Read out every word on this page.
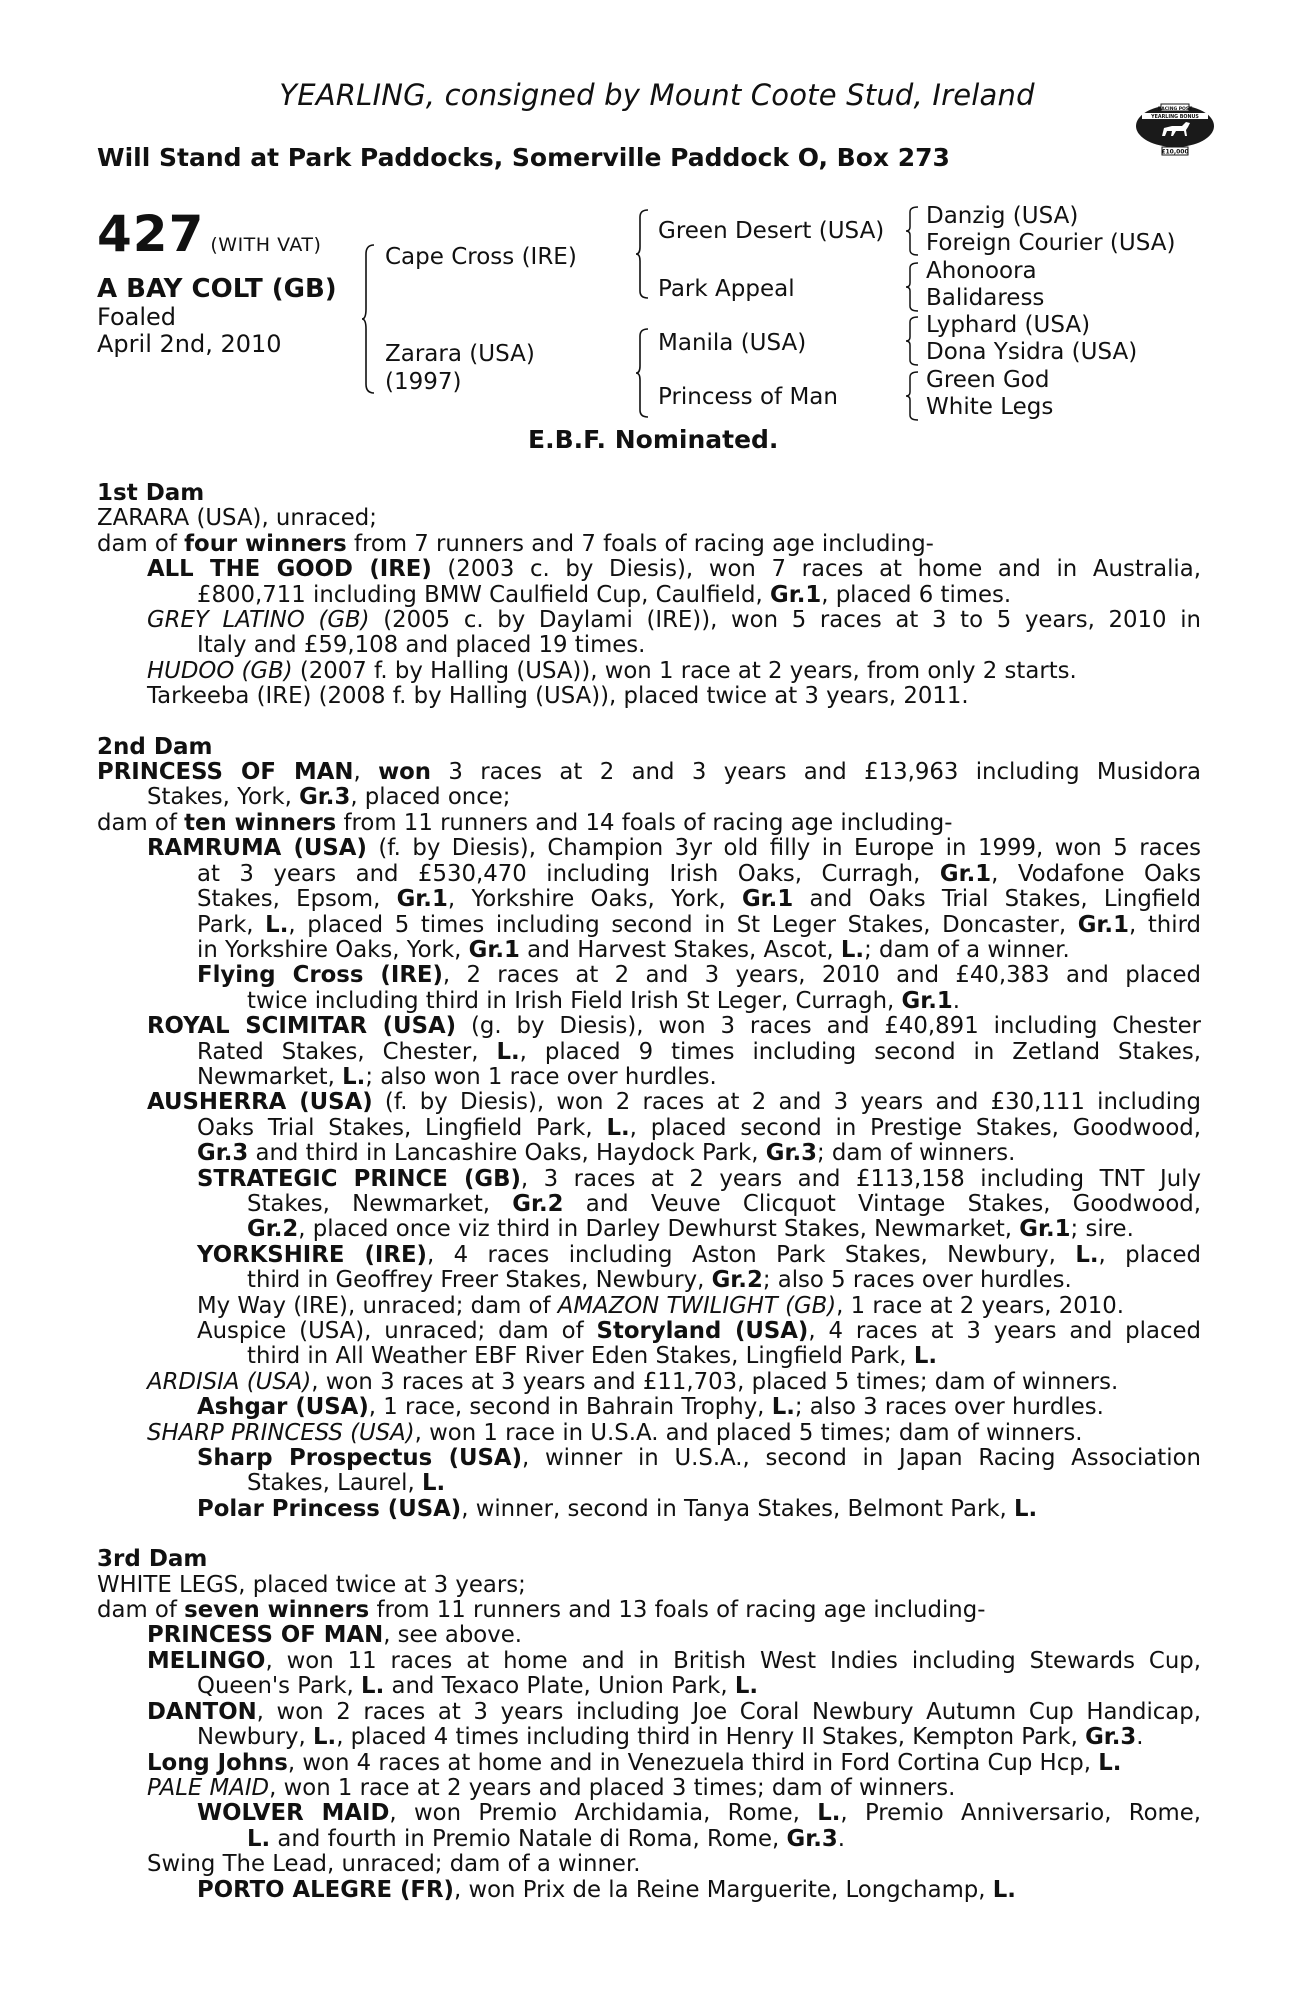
YEARLING, consigned by Mount Coote Stud, Ireland
Will Stand at Park Paddocks, Somerville Paddock O, Box 273
RACING POST
YEARLING BONUS
£10,000
427 (WITH VAT)
A BAY COLT (GB)
Foaled
April 2nd, 2010
Cape Cross (IRE)
Zarara (USA)
(1997)
Green Desert (USA)
Park Appeal
Manila (USA)
Princess of Man
Danzig (USA)
Foreign Courier (USA)
Ahonoora
Balidaress
Lyphard (USA)
Dona Ysidra (USA)
Green God
White Legs
E.B.F. Nominated.
1st Dam
ZARARA (USA), unraced;
dam of four winners from 7 runners and 7 foals of racing age including-
ALL THE GOOD (IRE) (2003 c. by Diesis), won 7 races at home and in Australia,
£800,711 including BMW Caulfield Cup, Caulfield, Gr.1, placed 6 times.
GREY LATINO (GB) (2005 c. by Daylami (IRE)), won 5 races at 3 to 5 years, 2010 in
Italy and £59,108 and placed 19 times.
HUDOO (GB) (2007 f. by Halling (USA)), won 1 race at 2 years, from only 2 starts.
Tarkeeba (IRE) (2008 f. by Halling (USA)), placed twice at 3 years, 2011.
2nd Dam
PRINCESS OF MAN, won 3 races at 2 and 3 years and £13,963 including Musidora
Stakes, York, Gr.3, placed once;
dam of ten winners from 11 runners and 14 foals of racing age including-
RAMRUMA (USA) (f. by Diesis), Champion 3yr old filly in Europe in 1999, won 5 races
at 3 years and £530,470 including Irish Oaks, Curragh, Gr.1, Vodafone Oaks
Stakes, Epsom, Gr.1, Yorkshire Oaks, York, Gr.1 and Oaks Trial Stakes, Lingfield
Park, L., placed 5 times including second in St Leger Stakes, Doncaster, Gr.1, third
in Yorkshire Oaks, York, Gr.1 and Harvest Stakes, Ascot, L.; dam of a winner.
Flying Cross (IRE), 2 races at 2 and 3 years, 2010 and £40,383 and placed
twice including third in Irish Field Irish St Leger, Curragh, Gr.1.
ROYAL SCIMITAR (USA) (g. by Diesis), won 3 races and £40,891 including Chester
Rated Stakes, Chester, L., placed 9 times including second in Zetland Stakes,
Newmarket, L.; also won 1 race over hurdles.
AUSHERRA (USA) (f. by Diesis), won 2 races at 2 and 3 years and £30,111 including
Oaks Trial Stakes, Lingfield Park, L., placed second in Prestige Stakes, Goodwood,
Gr.3 and third in Lancashire Oaks, Haydock Park, Gr.3; dam of winners.
STRATEGIC PRINCE (GB), 3 races at 2 years and £113,158 including TNT July
Stakes, Newmarket, Gr.2 and Veuve Clicquot Vintage Stakes, Goodwood,
Gr.2, placed once viz third in Darley Dewhurst Stakes, Newmarket, Gr.1; sire.
YORKSHIRE (IRE), 4 races including Aston Park Stakes, Newbury, L., placed
third in Geoffrey Freer Stakes, Newbury, Gr.2; also 5 races over hurdles.
My Way (IRE), unraced; dam of AMAZON TWILIGHT (GB), 1 race at 2 years, 2010.
Auspice (USA), unraced; dam of Storyland (USA), 4 races at 3 years and placed
third in All Weather EBF River Eden Stakes, Lingfield Park, L.
ARDISIA (USA), won 3 races at 3 years and £11,703, placed 5 times; dam of winners.
Ashgar (USA), 1 race, second in Bahrain Trophy, L.; also 3 races over hurdles.
SHARP PRINCESS (USA), won 1 race in U.S.A. and placed 5 times; dam of winners.
Sharp Prospectus (USA), winner in U.S.A., second in Japan Racing Association
Stakes, Laurel, L.
Polar Princess (USA), winner, second in Tanya Stakes, Belmont Park, L.
3rd Dam
WHITE LEGS, placed twice at 3 years;
dam of seven winners from 11 runners and 13 foals of racing age including-
PRINCESS OF MAN, see above.
MELINGO, won 11 races at home and in British West Indies including Stewards Cup,
Queen's Park, L. and Texaco Plate, Union Park, L.
DANTON, won 2 races at 3 years including Joe Coral Newbury Autumn Cup Handicap,
Newbury, L., placed 4 times including third in Henry II Stakes, Kempton Park, Gr.3.
Long Johns, won 4 races at home and in Venezuela third in Ford Cortina Cup Hcp, L.
PALE MAID, won 1 race at 2 years and placed 3 times; dam of winners.
WOLVER MAID, won Premio Archidamia, Rome, L., Premio Anniversario, Rome,
L. and fourth in Premio Natale di Roma, Rome, Gr.3.
Swing The Lead, unraced; dam of a winner.
PORTO ALEGRE (FR), won Prix de la Reine Marguerite, Longchamp, L.
